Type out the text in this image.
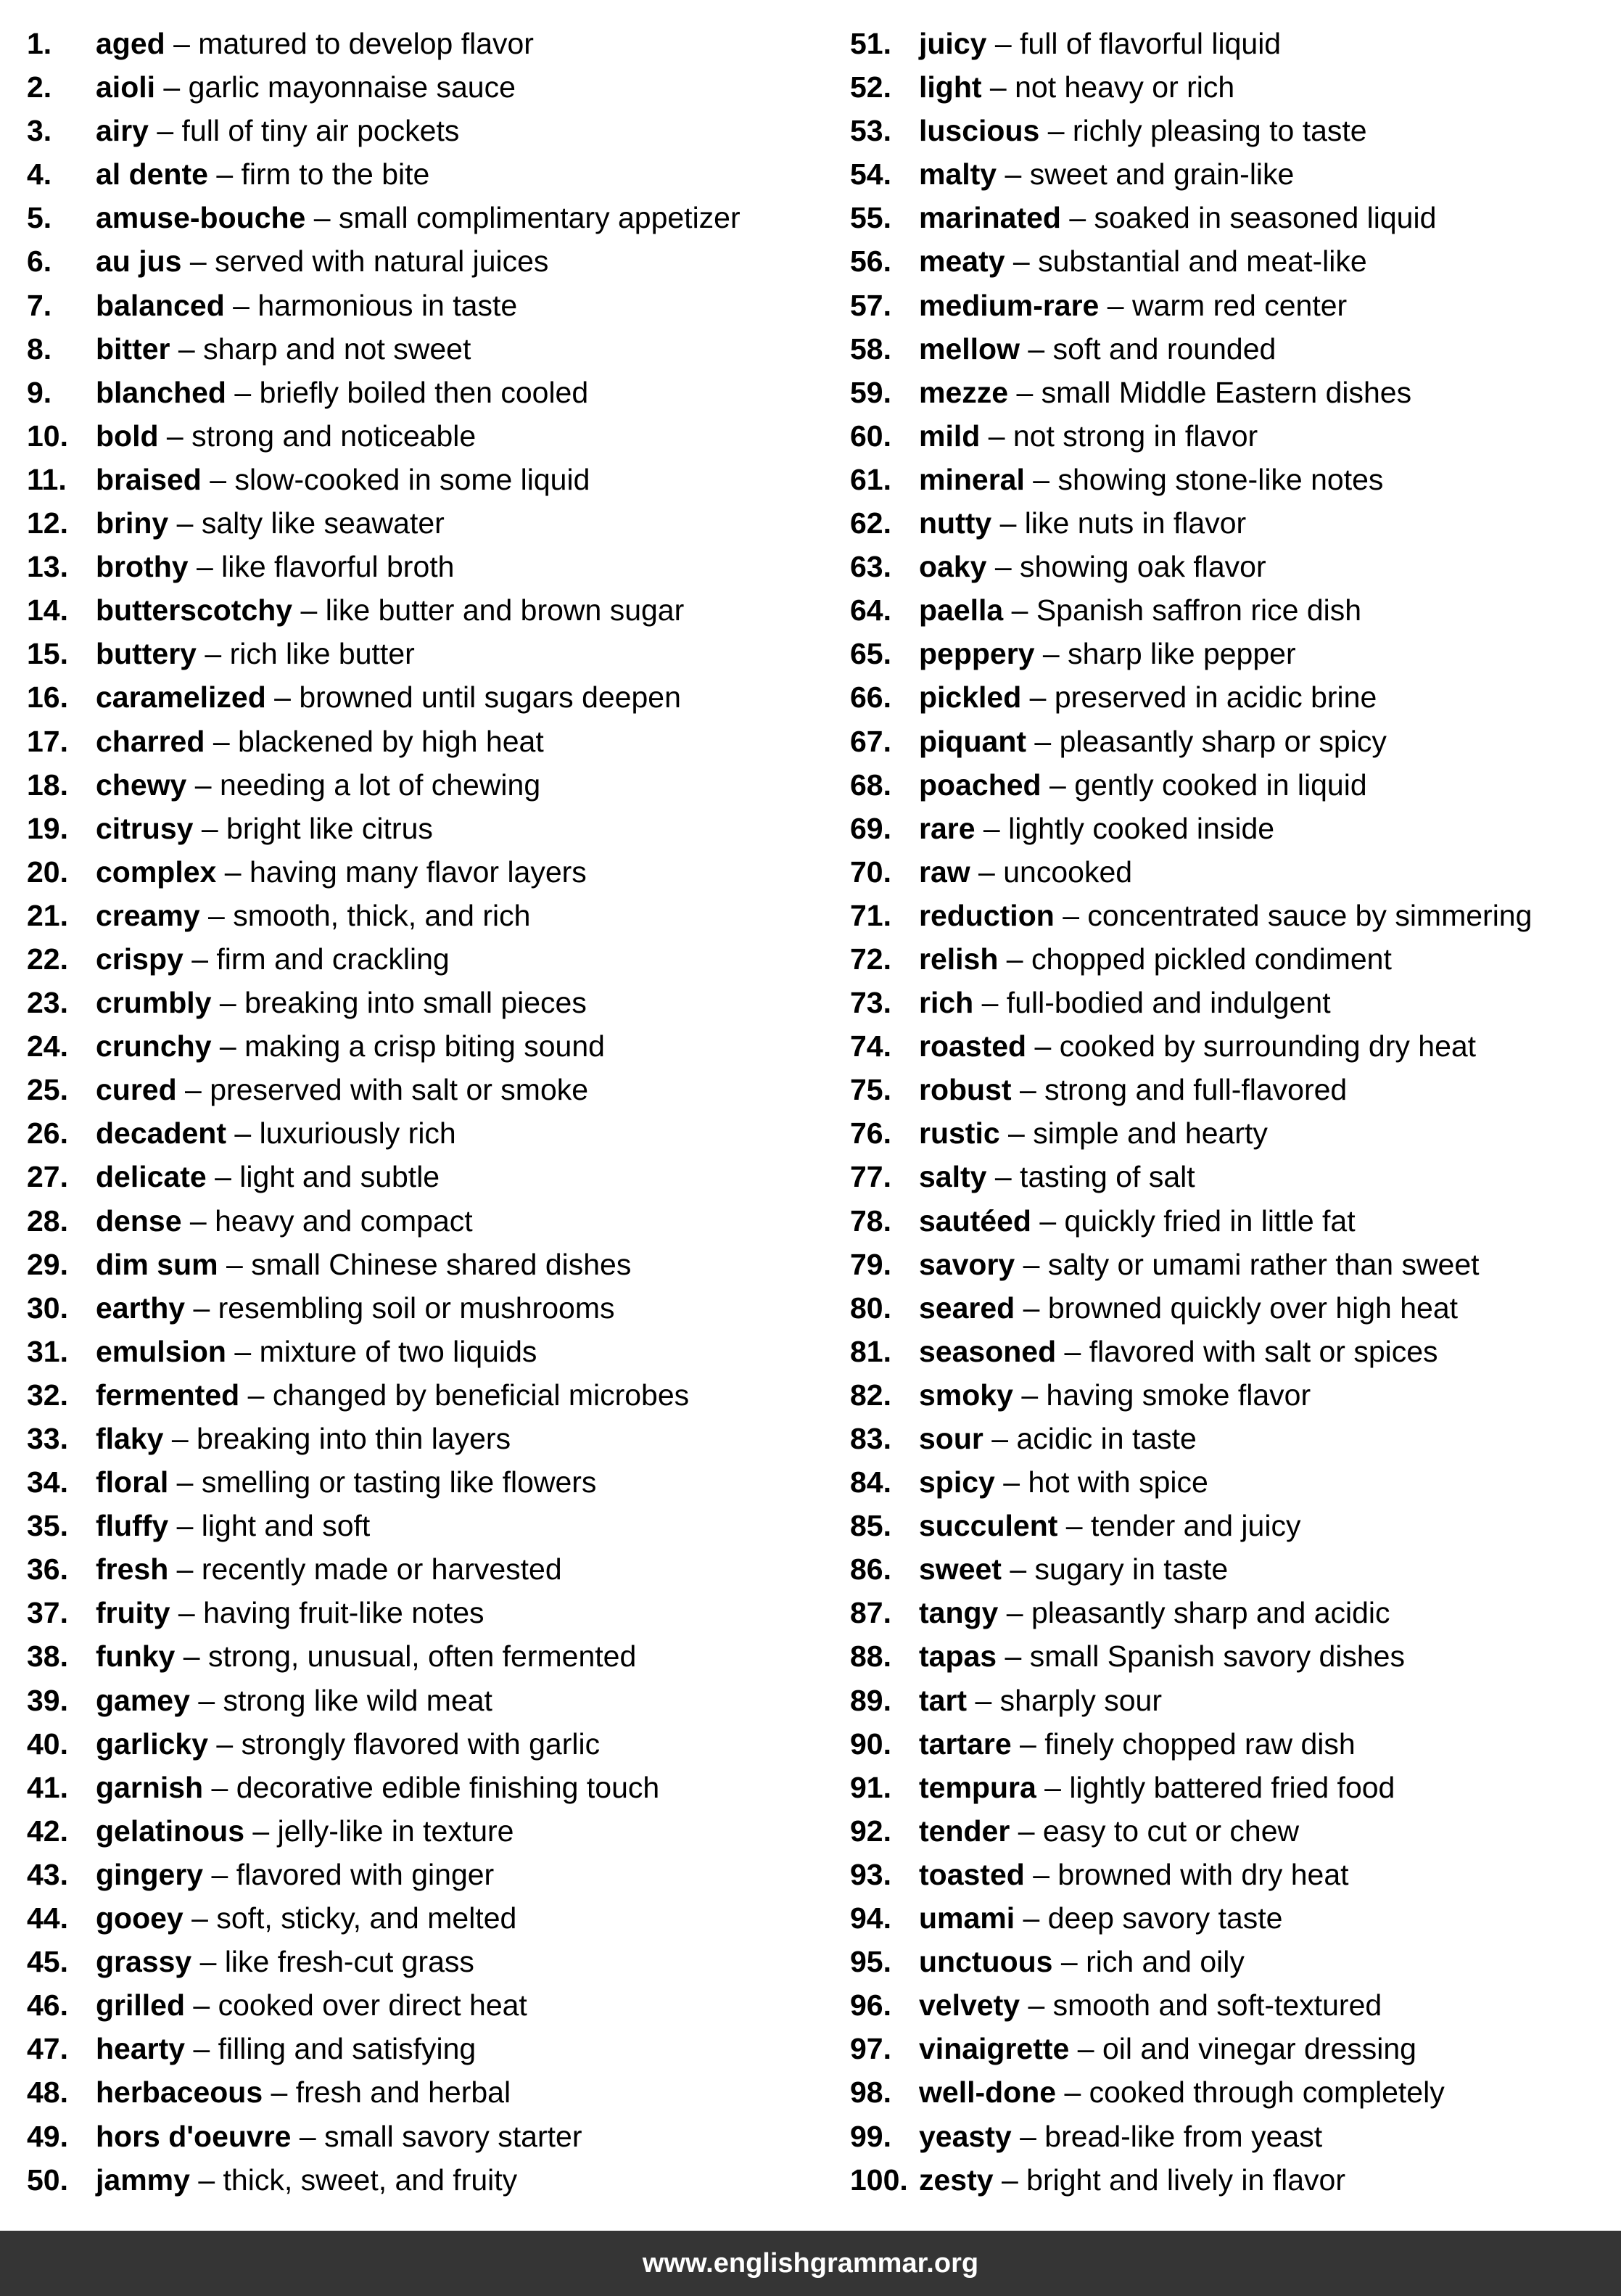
1. aged – matured to develop flavor
2. aioli – garlic mayonnaise sauce
3. airy – full of tiny air pockets
4. al dente – firm to the bite
5. amuse-bouche – small complimentary appetizer
6. au jus – served with natural juices
7. balanced – harmonious in taste
8. bitter – sharp and not sweet
9. blanched – briefly boiled then cooled
10. bold – strong and noticeable
11. braised – slow-cooked in some liquid
12. briny – salty like seawater
13. brothy – like flavorful broth
14. butterscotchy – like butter and brown sugar
15. buttery – rich like butter
16. caramelized – browned until sugars deepen
17. charred – blackened by high heat
18. chewy – needing a lot of chewing
19. citrusy – bright like citrus
20. complex – having many flavor layers
21. creamy – smooth, thick, and rich
22. crispy – firm and crackling
23. crumbly – breaking into small pieces
24. crunchy – making a crisp biting sound
25. cured – preserved with salt or smoke
26. decadent – luxuriously rich
27. delicate – light and subtle
28. dense – heavy and compact
29. dim sum – small Chinese shared dishes
30. earthy – resembling soil or mushrooms
31. emulsion – mixture of two liquids
32. fermented – changed by beneficial microbes
33. flaky – breaking into thin layers
34. floral – smelling or tasting like flowers
35. fluffy – light and soft
36. fresh – recently made or harvested
37. fruity – having fruit-like notes
38. funky – strong, unusual, often fermented
39. gamey – strong like wild meat
40. garlicky – strongly flavored with garlic
41. garnish – decorative edible finishing touch
42. gelatinous – jelly-like in texture
43. gingery – flavored with ginger
44. gooey – soft, sticky, and melted
45. grassy – like fresh-cut grass
46. grilled – cooked over direct heat
47. hearty – filling and satisfying
48. herbaceous – fresh and herbal
49. hors d'oeuvre – small savory starter
50. jammy – thick, sweet, and fruity
51. juicy – full of flavorful liquid
52. light – not heavy or rich
53. luscious – richly pleasing to taste
54. malty – sweet and grain-like
55. marinated – soaked in seasoned liquid
56. meaty – substantial and meat-like
57. medium-rare – warm red center
58. mellow – soft and rounded
59. mezze – small Middle Eastern dishes
60. mild – not strong in flavor
61. mineral – showing stone-like notes
62. nutty – like nuts in flavor
63. oaky – showing oak flavor
64. paella – Spanish saffron rice dish
65. peppery – sharp like pepper
66. pickled – preserved in acidic brine
67. piquant – pleasantly sharp or spicy
68. poached – gently cooked in liquid
69. rare – lightly cooked inside
70. raw – uncooked
71. reduction – concentrated sauce by simmering
72. relish – chopped pickled condiment
73. rich – full-bodied and indulgent
74. roasted – cooked by surrounding dry heat
75. robust – strong and full-flavored
76. rustic – simple and hearty
77. salty – tasting of salt
78. sautéed – quickly fried in little fat
79. savory – salty or umami rather than sweet
80. seared – browned quickly over high heat
81. seasoned – flavored with salt or spices
82. smoky – having smoke flavor
83. sour – acidic in taste
84. spicy – hot with spice
85. succulent – tender and juicy
86. sweet – sugary in taste
87. tangy – pleasantly sharp and acidic
88. tapas – small Spanish savory dishes
89. tart – sharply sour
90. tartare – finely chopped raw dish
91. tempura – lightly battered fried food
92. tender – easy to cut or chew
93. toasted – browned with dry heat
94. umami – deep savory taste
95. unctuous – rich and oily
96. velvety – smooth and soft-textured
97. vinaigrette – oil and vinegar dressing
98. well-done – cooked through completely
99. yeasty – bread-like from yeast
100. zesty – bright and lively in flavor
www.englishgrammar.org
